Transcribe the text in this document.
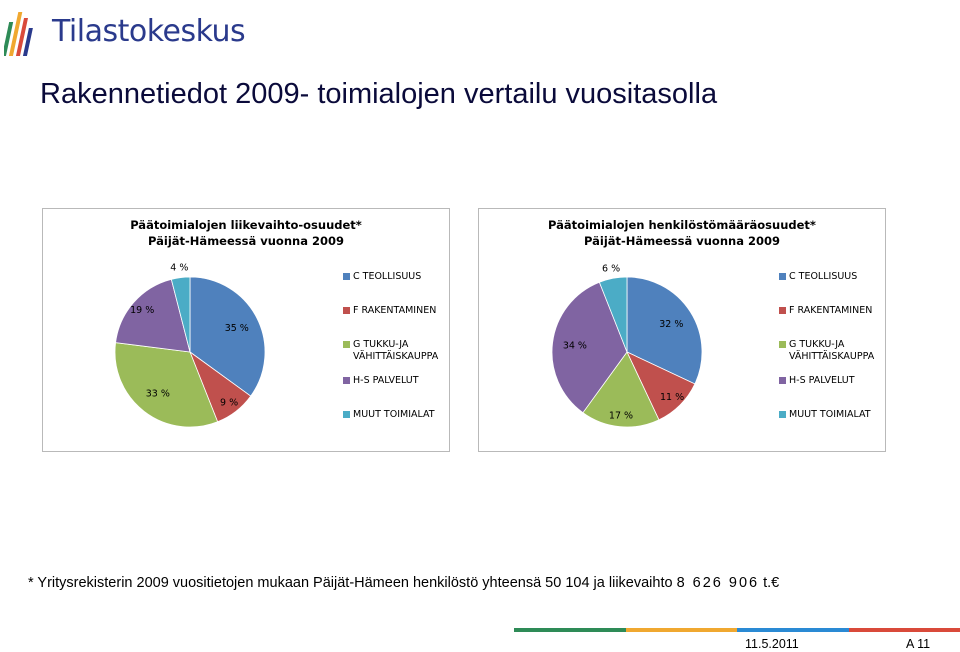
Tilastokeskus
Rakennetiedot 2009- toimialojen vertailu vuositasolla
Päätoimialojen liikevaihto-osuudet*
Päijät-Hämeessä vuonna 2009
35 %
9 %
33 %
19 %
4 %
C TEOLLISUUS
F RAKENTAMINEN
G TUKKU-JA VÄHITTÄISKAUPPA
H-S PALVELUT
MUUT TOIMIALAT
Päätoimialojen henkilöstömääräosuudet*
Päijät-Hämeessä vuonna 2009
32 %
11 %
17 %
34 %
6 %
C TEOLLISUUS
F RAKENTAMINEN
G TUKKU-JA VÄHITTÄISKAUPPA
H-S PALVELUT
MUUT TOIMIALAT
* Yritysrekisterin 2009 vuositietojen mukaan Päijät-Hämeen henkilöstö yhteensä 50 104 ja liikevaihto 8 626 906 t.€
11.5.2011	A 11
